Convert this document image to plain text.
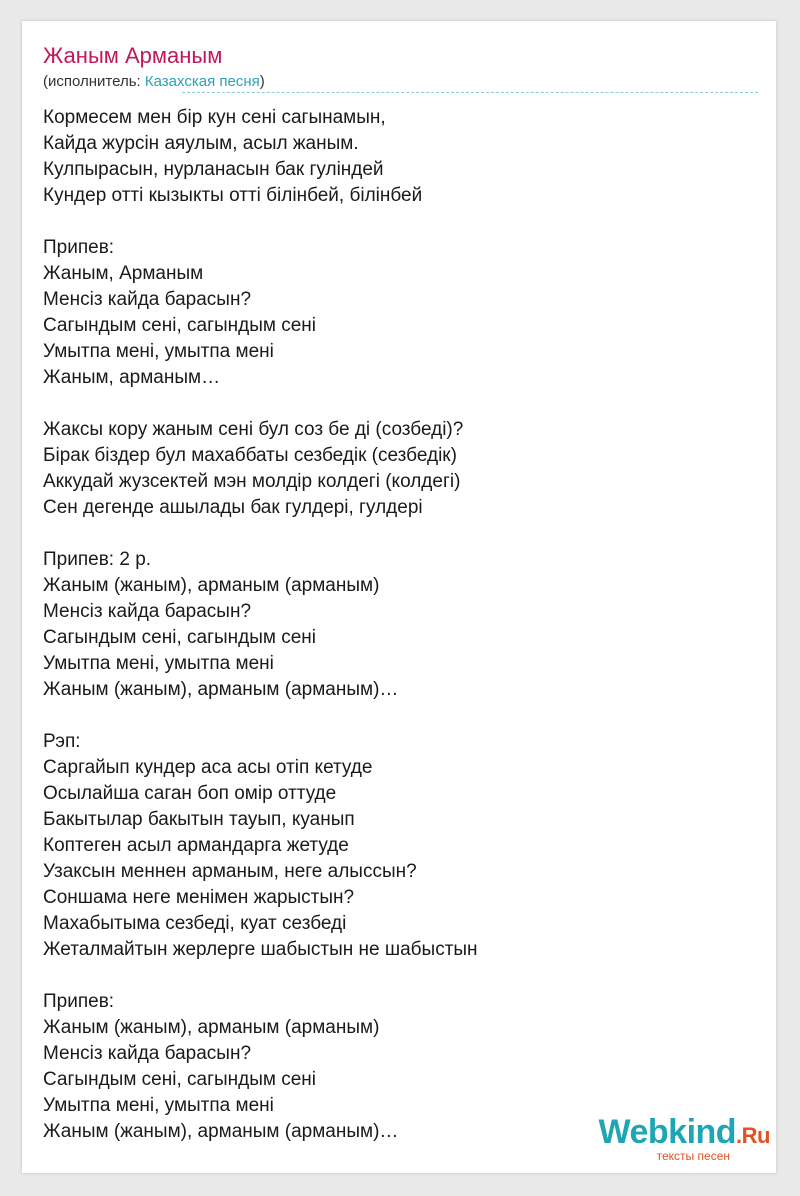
Жаным Арманым
(исполнитель: Казахская песня)
Кормесем мен бір кун сені сагынамын,
Кайда журсін аяулым, асыл жаным.
Кулпырасын, нурланасын бак гуліндей
Кундер отті кызыкты отті білінбей, білінбей
Припев:
Жаным, Арманым
Менсіз кайда барасын?
Сагындым сені, сагындым сені
Умытпа мені, умытпа мені
Жаным, арманым…
Жаксы кору жаным сені бул соз бе ді (созбеді)?
Бірак біздер бул махаббаты сезбедік (сезбедік)
Аккудай жузсектей мэн молдір колдегі (колдегі)
Сен дегенде ашылады бак гулдері, гулдері
Припев: 2 р.
Жаным (жаным), арманым (арманым)
Менсіз кайда барасын?
Сагындым сені, сагындым сені
Умытпа мені, умытпа мені
Жаным (жаным), арманым (арманым)…
Рэп:
Саргайып кундер аса асы отіп кетуде
Осылайша саган боп омір оттуде
Бакытылар бакытын тауып, куанып
Коптеген асыл армандарга жетуде
Узаксын меннен арманым, неге алыссын?
Соншама неге менімен жарыстын?
Махабытыма сезбеді, куат сезбеді
Жеталмайтын жерлерге шабыстын не шабыстын
Припев:
Жаным (жаным), арманым (арманым)
Менсіз кайда барасын?
Сагындым сені, сагындым сені
Умытпа мені, умытпа мені
Жаным (жаным), арманым (арманым)…	Webkind.Ru
тексты песен
